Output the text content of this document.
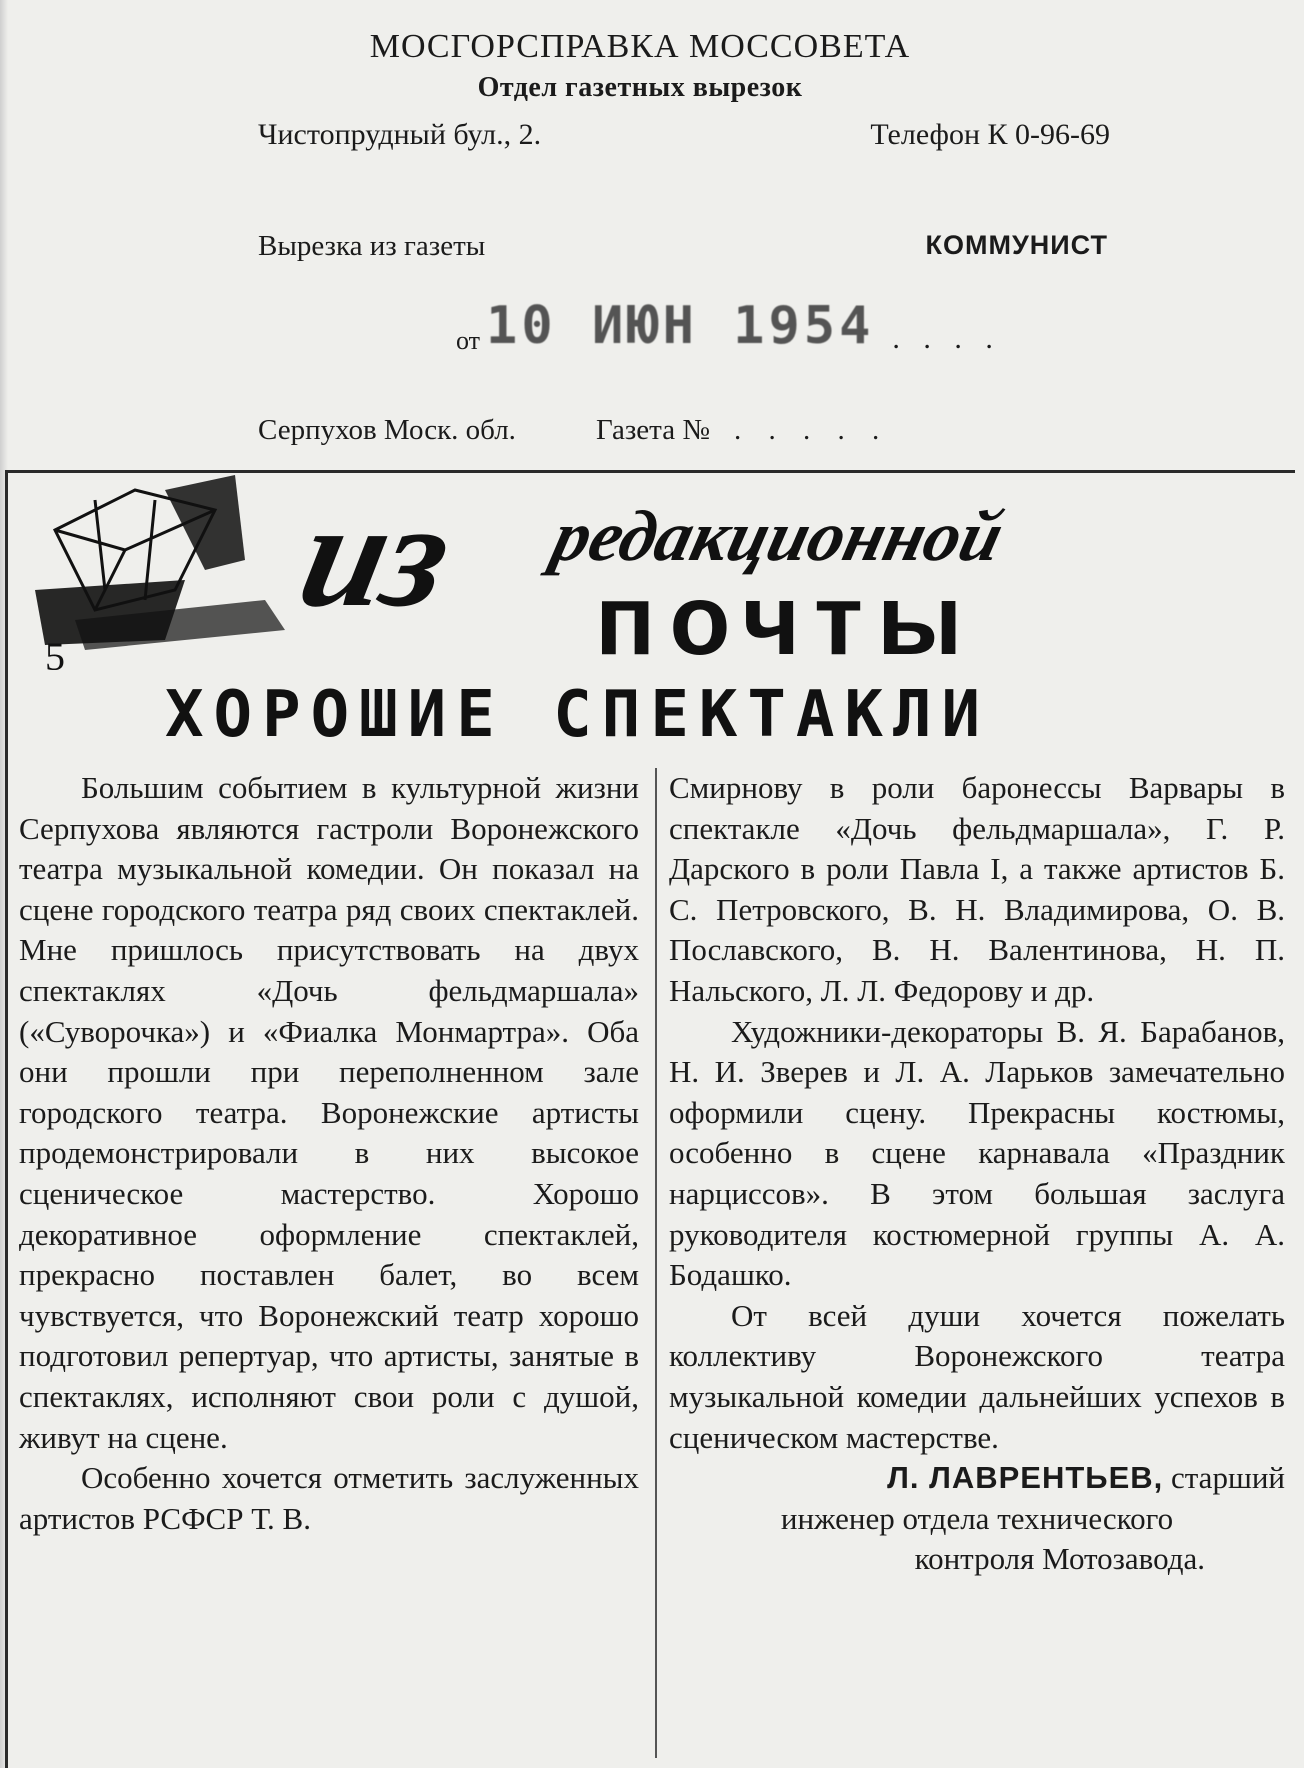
МОСГОРСПРАВКА МОССОВЕТА
Отдел газетных вырезок
Чистопрудный бул., 2.	Телефон К 0-96-69
Вырезка из газеты	КОММУНИСТ
от 10 ИЮН 1954 . . . .
Серпухов Моск. обл.	Газета № . . . . .
5
из редакционной
почты
ХОРОШИЕ СПЕКТАКЛИ

Большим событием в культурной жизни Серпухова являются гастроли Воронежского театра музыкальной комедии. Он показал на сцене городского театра ряд своих спектаклей. Мне пришлось присутствовать на двух спектаклях «Дочь фельдмаршала» («Суворочка») и «Фиалка Монмартра». Оба они прошли при переполненном зале городского театра. Воронежские артисты продемонстрировали в них высокое сценическое мастерство. Хорошо декоративное оформление спектаклей, прекрасно поставлен балет, во всем чувствуется, что Воронежский театр хорошо подготовил репертуар, что артисты, занятые в спектаклях, исполняют свои роли с душой, живут на сцене.

Особенно хочется отметить заслуженных артистов РСФСР Т. В.

Смирнову в роли баронессы Варвары в спектакле «Дочь фельдмаршала», Г. Р. Дарского в роли Павла I, а также артистов Б. С. Петровского, В. Н. Владимирова, О. В. Пославского, В. Н. Валентинова, Н. П. Нальского, Л. Л. Федорову и др.

Художники-декораторы В. Я. Барабанов, Н. И. Зверев и Л. А. Ларьков замечательно оформили сцену. Прекрасны костюмы, особенно в сцене карнавала «Праздник нарциссов». В этом большая заслуга руководителя костюмерной группы А. А. Бодашко.

От всей души хочется пожелать коллективу Воронежского театра музыкальной комедии дальнейших успехов в сценическом мастерстве.

Л. ЛАВРЕНТЬЕВ, старший

инженер отдела технического

контроля Мотозавода.
